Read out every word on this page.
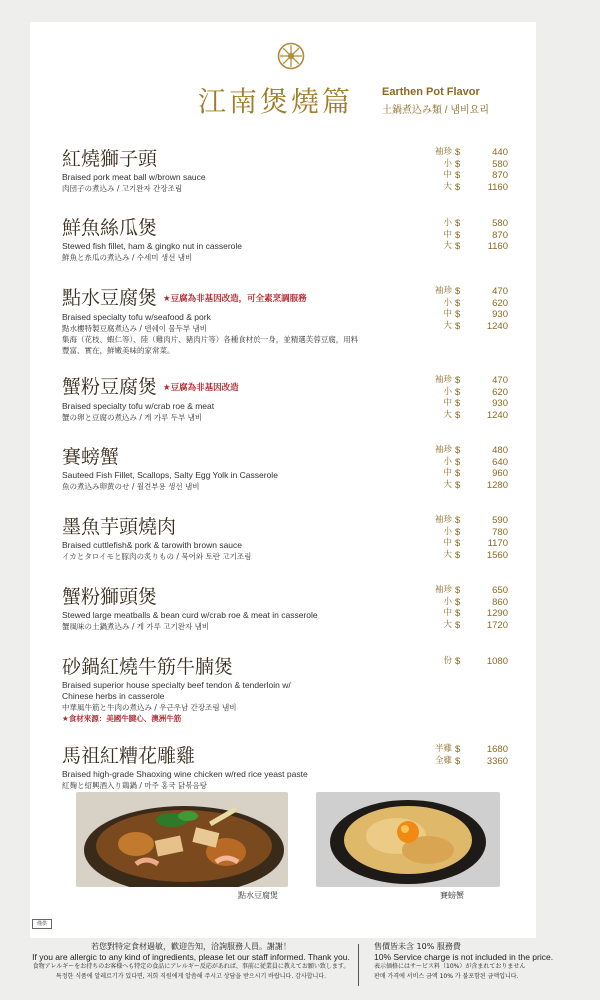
江南煲燒篇	Earthen Pot Flavor
土鍋煮込み類 / 냄비요리
紅燒獅子頭
Braised pork meat ball w/brown sauce
肉団子の煮込み / 고기완자 간장조림
袖珍 $	440
小 $	580
中 $	870
大 $	1160
鮮魚絲瓜煲
Stewed fish fillet, ham & gingko nut in casserole
鮮魚と糸瓜の煮込み / 수세미 생선 냄비
小 $	580
中 $	870
大 $	1160
點水豆腐煲 ★豆腐為非基因改造，可全素烹調服務
Braised specialty tofu w/seafood & pork
點水樓特製豆腐煮込み / 덴쉐이 물두부 냄비
集海（花枝、蝦仁等）、陸（雞肉片、豬肉片等）各種食材於一身，並精選芙蓉豆腐，用料豐富、實在，鮮嫩美味的家常菜。
袖珍 $	470
小 $	620
中 $	930
大 $	1240
蟹粉豆腐煲 ★豆腐為非基因改造
Braised specialty tofu w/crab roe & meat
蟹の卵と豆腐の煮込み / 게 가루 두부 냄비
袖珍 $	470
小 $	620
中 $	930
大 $	1240
賽螃蟹
Sauteed Fish Fillet, Scallops, Salty Egg Yolk in Casserole
魚の煮込み卵黄のせ / 월견부용 생선 냄비
袖珍 $	480
小 $	640
中 $	960
大 $	1280
墨魚芋頭燒肉
Braised cuttlefish& pork & tarowith brown sauce
イカとタロイモと豚肉の炙りもの / 묵어와 토란 고기조림
袖珍 $	590
小 $	780
中 $	1170
大 $	1560
蟹粉獅頭煲
Stewed large meatballs & bean curd w/crab roe & meat in casserole
蟹風味の土鍋煮込み / 게 가루 고기완자 냄비
袖珍 $	650
小 $	860
中 $	1290
大 $	1720
砂鍋紅燒牛筋牛腩煲
Braised superior house specialty beef tendon & tenderloin w/ Chinese herbs in casserole
中華風牛筋と牛肉の煮込み / 우근우남 간장조림 냄비
★食材來源：美國牛腱心、澳洲牛筋
份 $	1080
馬祖紅糟花雕雞
Braised high-grade Shaoxing wine chicken w/red rice yeast paste
紅麹と紹興酒入り鶏鍋 / 마주 홍국 닭볶음탕
半雞 $	1680
全雞 $	3360
點水豆腐煲	賽螃蟹
僅供
若您對特定食材過敏，歡迎告知，洽詢服務人員。謝謝！
If you are allergic to any kind of ingredients, please let our staff informed. Thank you.
食物アレルギーをお持ちのお客様へも特定の食品にアレルギー反応があれば、事前に従業員に教えてお願い致します。
특정한 식품에 알레르기가 있다면, 저희 직원에게 알씀해 주시고 상담을 받으시기 바랍니다. 감사합니다.
售價皆未含 10% 服務費
10% Service charge is not included in the price.
表示価格にはサービス料（10%）が含まれておりません
판매 가격에 서비스 금액 10% 가 불포함된 금액입니다.
